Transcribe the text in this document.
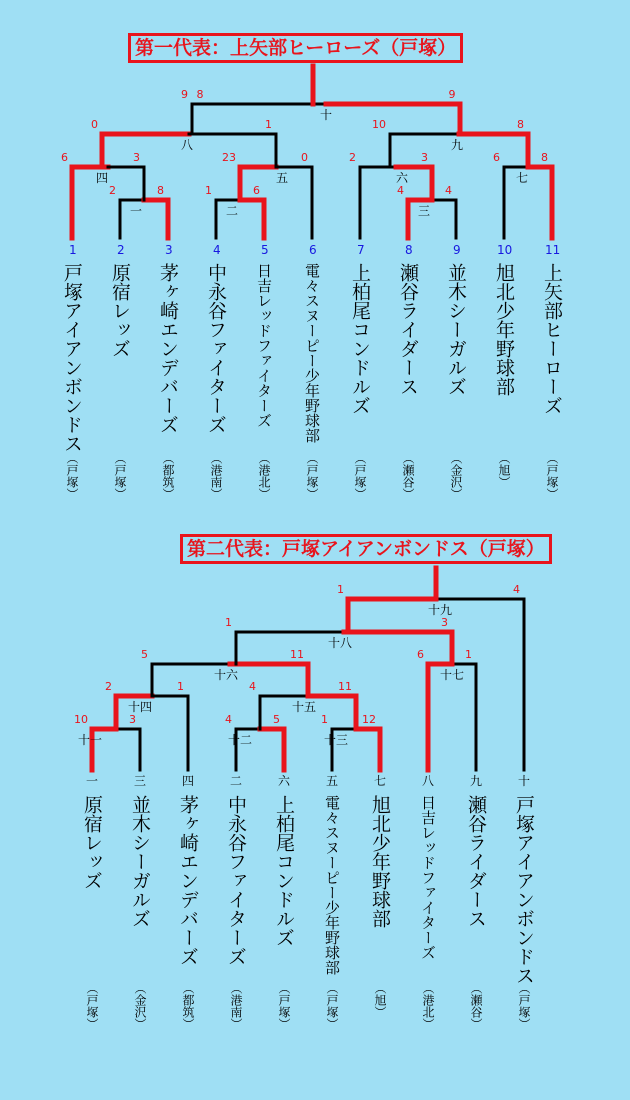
一
2	8
二
1	6
三
4	4
四
6	3
五
23	0
六
2	3
七
6	8
八
0	1
九
10	8
十
9 8	9
十一
10	3
十二
4	5
十三
1	12
十四
2	1
十五
4	11
十六
5	11
十七
6	1
十八
1	3
十九
1	4
第一代表：上矢部ヒーローズ（戸塚）
第二代表：戸塚アイアンボンドス（戸塚）
1
戸塚アイアンボンドス
（戸塚）
2
原宿レッズ
（戸塚）
3
茅ヶ崎エンデバーズ
（都筑）
4
中永谷ファイターズ
（港南）
5
日吉レッドファイターズ
（港北）
6
電々スヌーピー少年野球部
（戸塚）
7
上柏尾コンドルズ
（戸塚）
8
瀬谷ライダース
（瀬谷）
9
並木シーガルズ
（金沢）
10
旭北少年野球部
（旭）
11
上矢部ヒーローズ
（戸塚）
一
原宿レッズ
（戸塚）
三
並木シーガルズ
（金沢）
四
茅ヶ崎エンデバーズ
（都筑）
二
中永谷ファイターズ
（港南）
六
上柏尾コンドルズ
（戸塚）
五
電々スヌーピー少年野球部
（戸塚）
七
旭北少年野球部
（旭）
八
日吉レッドファイターズ
（港北）
九
瀬谷ライダース
（瀬谷）
十
戸塚アイアンボンドス
（戸塚）
